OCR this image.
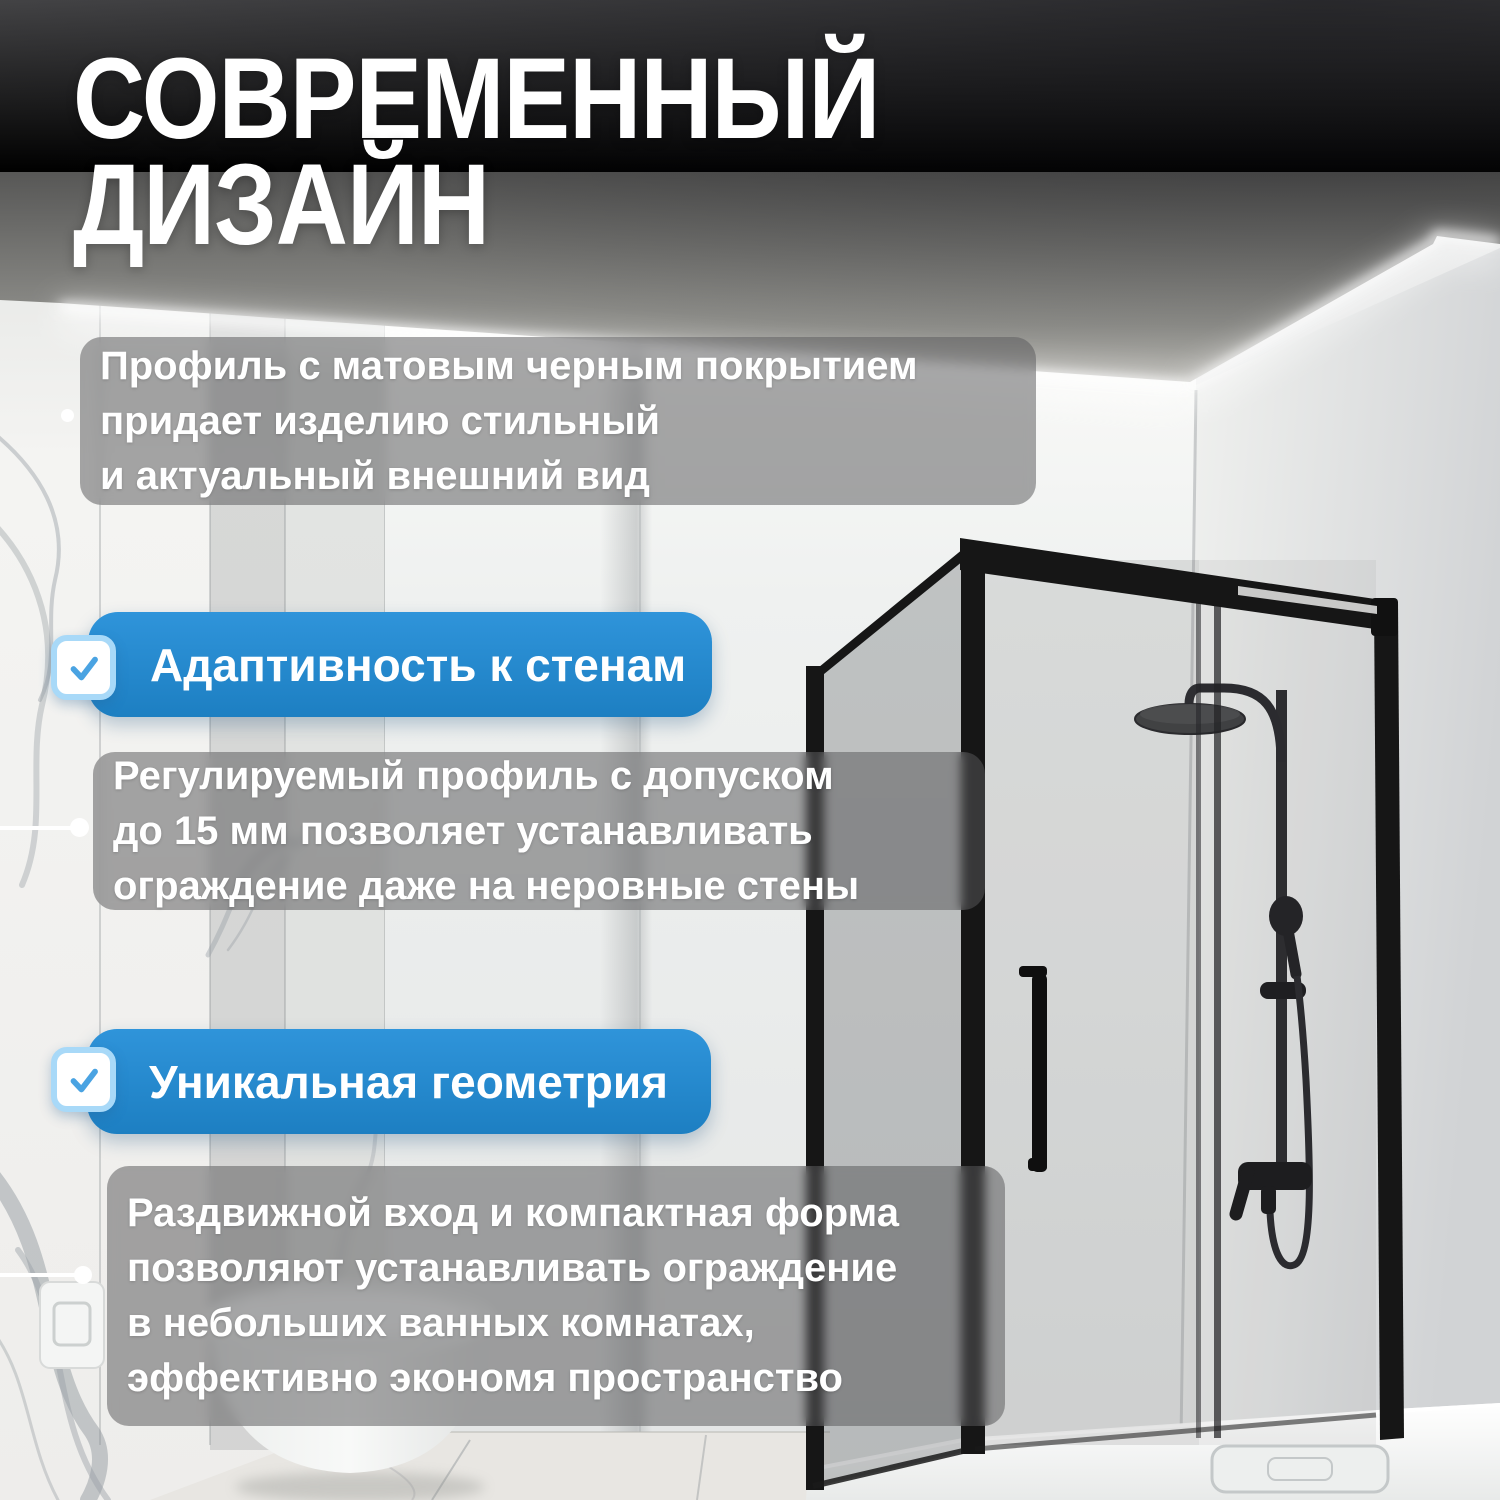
СОВРЕМЕННЫЙ
ДИЗАЙН
Профиль с матовым черным покрытием
придает изделию стильный
и актуальный внешний вид
Адаптивность к стенам
Регулируемый профиль с допуском
до 15 мм позволяет устанавливать
ограждение даже на неровные стены
Уникальная геометрия
Раздвижной вход и компактная форма
позволяют устанавливать ограждение
в небольших ванных комнатах,
эффективно экономя пространство
